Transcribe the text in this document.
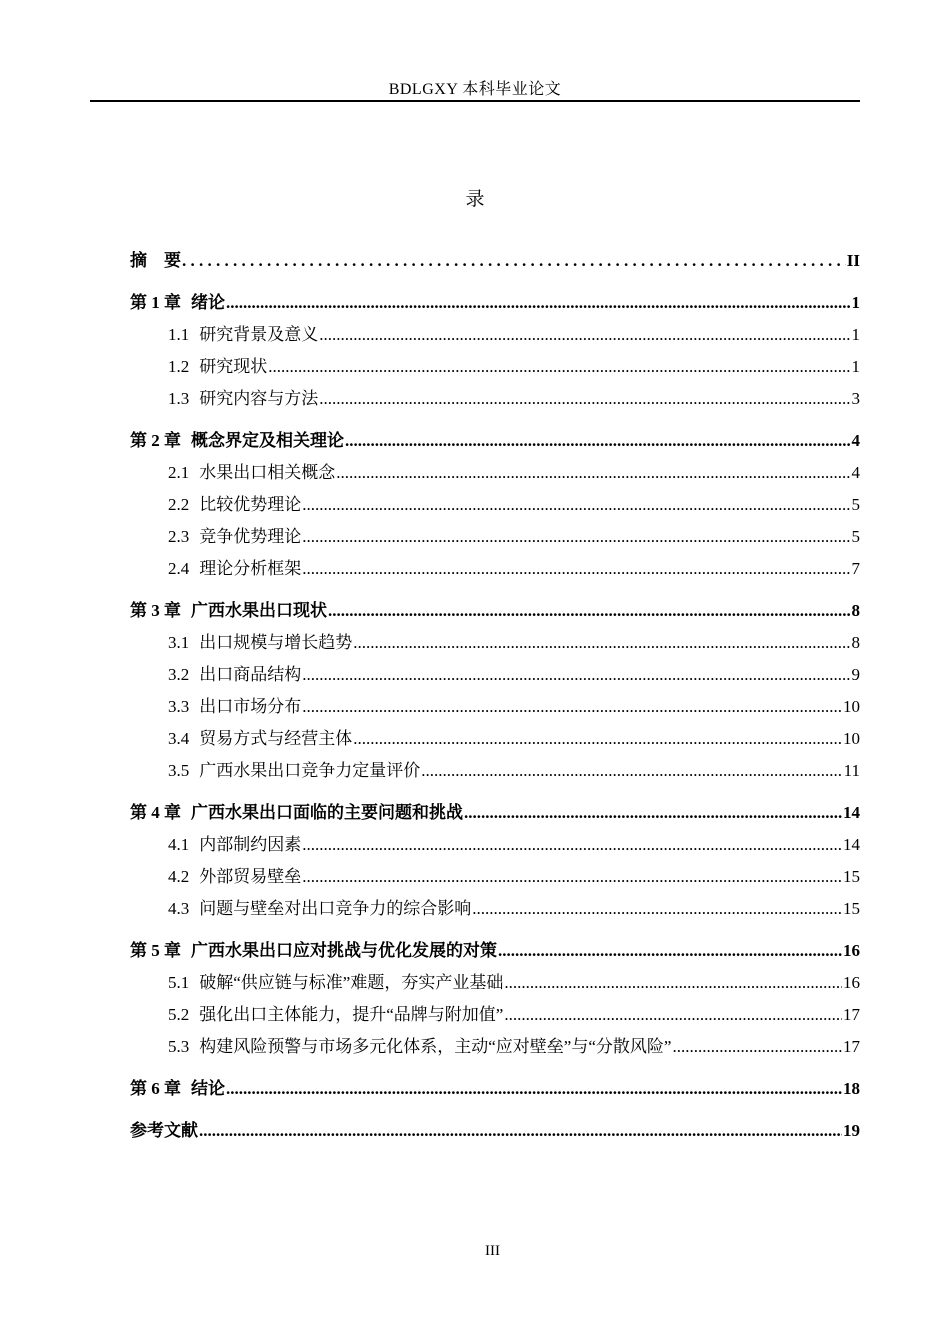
BDLGXY 本科毕业论文
录
摘　要 . . .	II
第 1 章 绪论 .....	1
1.1 研究背景及意义 .....	1
1.2 研究现状 .....	1
1.3 研究内容与方法 .....	3
第 2 章 概念界定及相关理论 .....	4
2.1 水果出口相关概念 .....	4
2.2 比较优势理论 .....	5
2.3 竞争优势理论 .....	5
2.4 理论分析框架 .....	7
第 3 章 广西水果出口现状 .....	8
3.1 出口规模与增长趋势 .....	8
3.2 出口商品结构 .....	9
3.3 出口市场分布 .....	10
3.4 贸易方式与经营主体 .....	10
3.5 广西水果出口竞争力定量评价 .....	11
第 4 章 广西水果出口面临的主要问题和挑战 .....	14
4.1 内部制约因素 .....	14
4.2 外部贸易壁垒 .....	15
4.3 问题与壁垒对出口竞争力的综合影响 .....	15
第 5 章 广西水果出口应对挑战与优化发展的对策 .....	16
5.1 破解“供应链与标准”难题，夯实产业基础 .....	16
5.2 强化出口主体能力，提升“品牌与附加值” .....	17
5.3 构建风险预警与市场多元化体系，主动“应对壁垒”与“分散风险” .....	17
第 6 章 结论 .....	18
参考文献 .....	19
III
